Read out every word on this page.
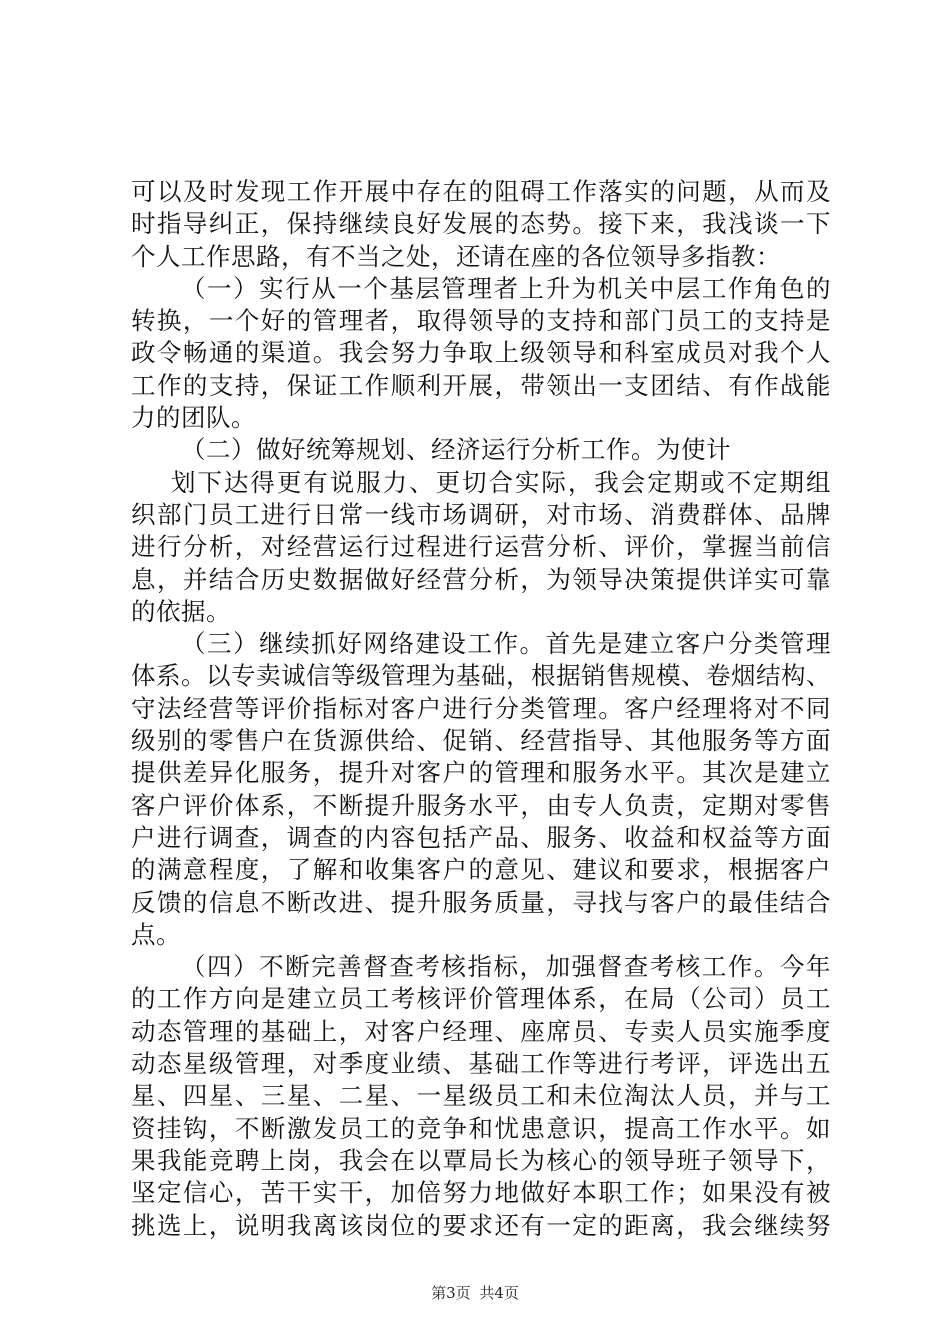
可以及时发现工作开展中存在的阻碍工作落实的问题，从而及
时指导纠正，保持继续良好发展的态势。接下来，我浅谈一下
个人工作思路，有不当之处，还请在座的各位领导多指教：
（一）实行从一个基层管理者上升为机关中层工作角色的
转换，一个好的管理者，取得领导的支持和部门员工的支持是
政令畅通的渠道。我会努力争取上级领导和科室成员对我个人
工作的支持，保证工作顺利开展，带领出一支团结、有作战能
力的团队。
（二）做好统筹规划、经济运行分析工作。为使计
划下达得更有说服力、更切合实际，我会定期或不定期组
织部门员工进行日常一线市场调研，对市场、消费群体、品牌
进行分析，对经营运行过程进行运营分析、评价，掌握当前信
息，并结合历史数据做好经营分析，为领导决策提供详实可靠
的依据。
（三）继续抓好网络建设工作。首先是建立客户分类管理
体系。以专卖诚信等级管理为基础，根据销售规模、卷烟结构、
守法经营等评价指标对客户进行分类管理。客户经理将对不同
级别的零售户在货源供给、促销、经营指导、其他服务等方面
提供差异化服务，提升对客户的管理和服务水平。其次是建立
客户评价体系，不断提升服务水平，由专人负责，定期对零售
户进行调查，调查的内容包括产品、服务、收益和权益等方面
的满意程度，了解和收集客户的意见、建议和要求，根据客户
反馈的信息不断改进、提升服务质量，寻找与客户的最佳结合
点。
（四）不断完善督查考核指标，加强督查考核工作。今年
的工作方向是建立员工考核评价管理体系，在局（公司）员工
动态管理的基础上，对客户经理、座席员、专卖人员实施季度
动态星级管理，对季度业绩、基础工作等进行考评，评选出五
星、四星、三星、二星、一星级员工和未位淘汰人员，并与工
资挂钩，不断激发员工的竞争和忧患意识，提高工作水平。如
果我能竞聘上岗，我会在以覃局长为核心的领导班子领导下，
坚定信心，苦干实干，加倍努力地做好本职工作；如果没有被
挑选上，说明我离该岗位的要求还有一定的距离，我会继续努
第3页 共4页
